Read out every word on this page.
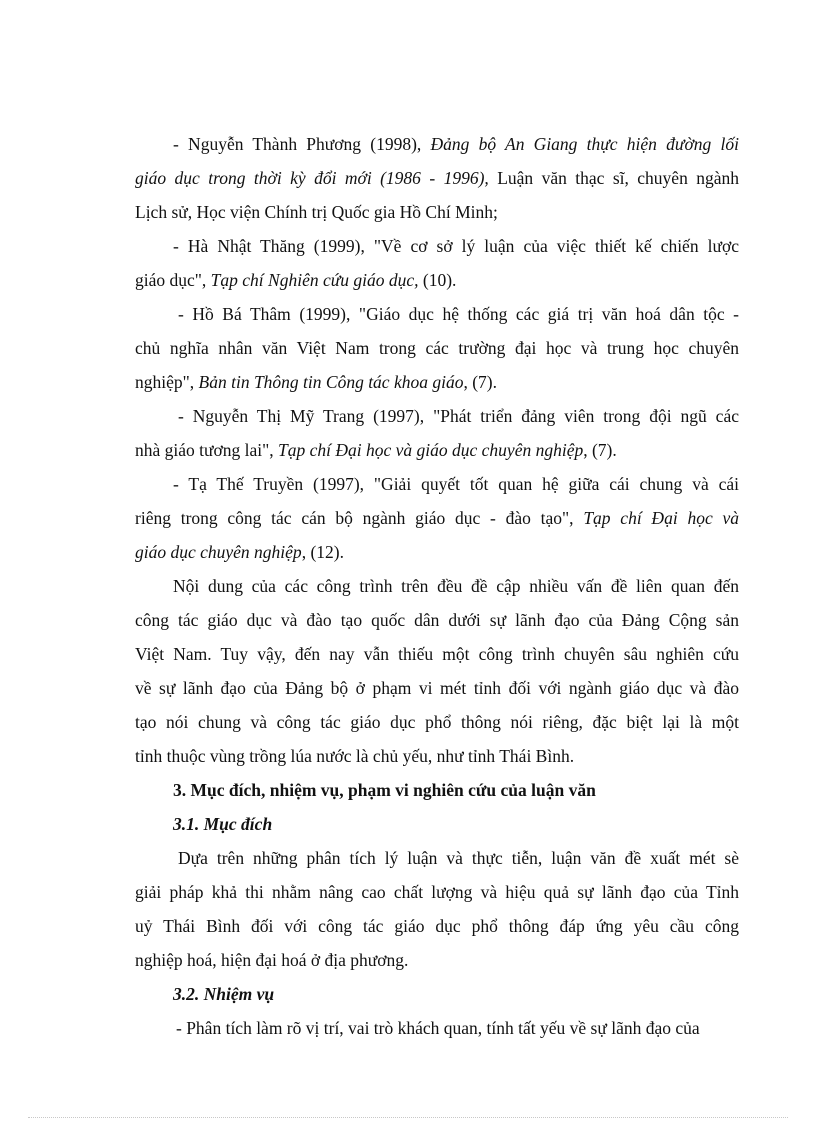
- Nguyễn Thành Phương (1998), Đảng bộ An Giang thực hiện đường lối
giáo dục trong thời kỳ đổi mới (1986 - 1996), Luận văn thạc sĩ, chuyên ngành
Lịch sử, Học viện Chính trị Quốc gia Hồ Chí Minh;
- Hà Nhật Thăng (1999), "Về cơ sở lý luận của việc thiết kế chiến lược
giáo dục", Tạp chí Nghiên cứu giáo dục, (10).
- Hồ Bá Thâm (1999), "Giáo dục hệ thống các giá trị văn hoá dân tộc -
chủ nghĩa nhân văn Việt Nam trong các trường đại học và trung học chuyên
nghiệp", Bản tin Thông tin Công tác khoa giáo, (7).
- Nguyễn Thị Mỹ Trang (1997), "Phát triển đảng viên trong đội ngũ các
nhà giáo tương lai", Tạp chí Đại học và giáo dục chuyên nghiệp, (7).
- Tạ Thế Truyền (1997), "Giải quyết tốt quan hệ giữa cái chung và cái
riêng trong công tác cán bộ ngành giáo dục - đào tạo", Tạp chí Đại học và
giáo dục chuyên nghiệp, (12).
Nội dung của các công trình trên đều đề cập nhiều vấn đề liên quan đến
công tác giáo dục và đào tạo quốc dân dưới sự lãnh đạo của Đảng Cộng sản
Việt Nam. Tuy vậy, đến nay vẫn thiếu một công trình chuyên sâu nghiên cứu
về sự lãnh đạo của Đảng bộ ở phạm vi mét tỉnh đối với ngành giáo dục và đào
tạo nói chung và công tác giáo dục phổ thông nói riêng, đặc biệt lại là một
tỉnh thuộc vùng trồng lúa nước là chủ yếu, như tỉnh Thái Bình.
3. Mục đích, nhiệm vụ, phạm vi nghiên cứu của luận văn
3.1. Mục đích
Dựa trên những phân tích lý luận và thực tiễn, luận văn đề xuất mét sè
giải pháp khả thi nhằm nâng cao chất lượng và hiệu quả sự lãnh đạo của Tỉnh
uỷ Thái Bình đối với công tác giáo dục phổ thông đáp ứng yêu cầu công
nghiệp hoá, hiện đại hoá ở địa phương.
3.2. Nhiệm vụ
- Phân tích làm rõ vị trí, vai trò khách quan, tính tất yếu về sự lãnh đạo của
